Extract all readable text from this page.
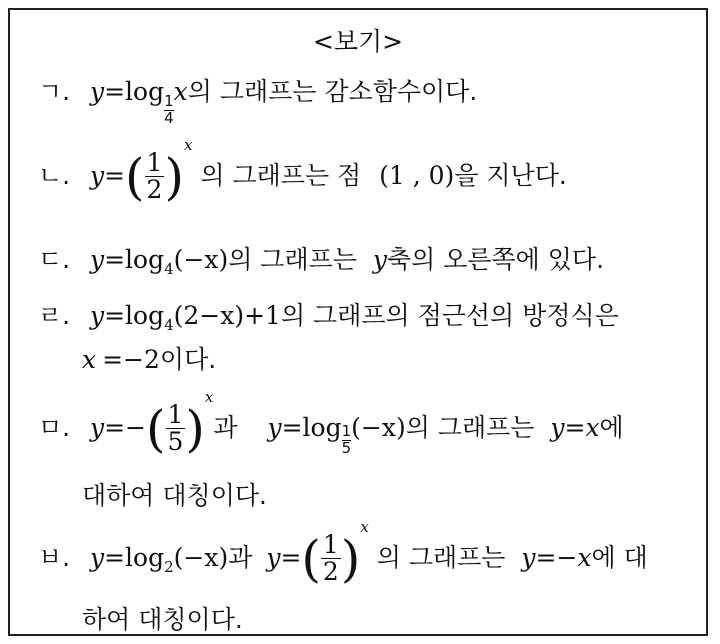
<보기>
ㄱ. y=log
$\frac{1}{4}$
x의 그래프는 감소함수이다.
ㄴ. $y=( \frac{1}{2} )^x$ 의 그래프는 점 (1 , 0)을 지난다.
ㄷ. $y=\log_4(-x)$의 그래프는 y축의 오른쪽에 있다.
ㄹ. $y=\log_4(2-x)+1$의 그래프의 점근선의 방정식은
x =−2이다.
ㅁ. $y=-( \frac{1}{5} )^x$과 $y=\log \frac{1}{5} (-x)$의 그래프는 y=x에
대하여 대칭이다.
ㅂ. $y=\log_2(-x)$과 $y=( \frac{1}{2} )^x$ 의 그래프는 y=−x에 대
하여 대칭이다.
